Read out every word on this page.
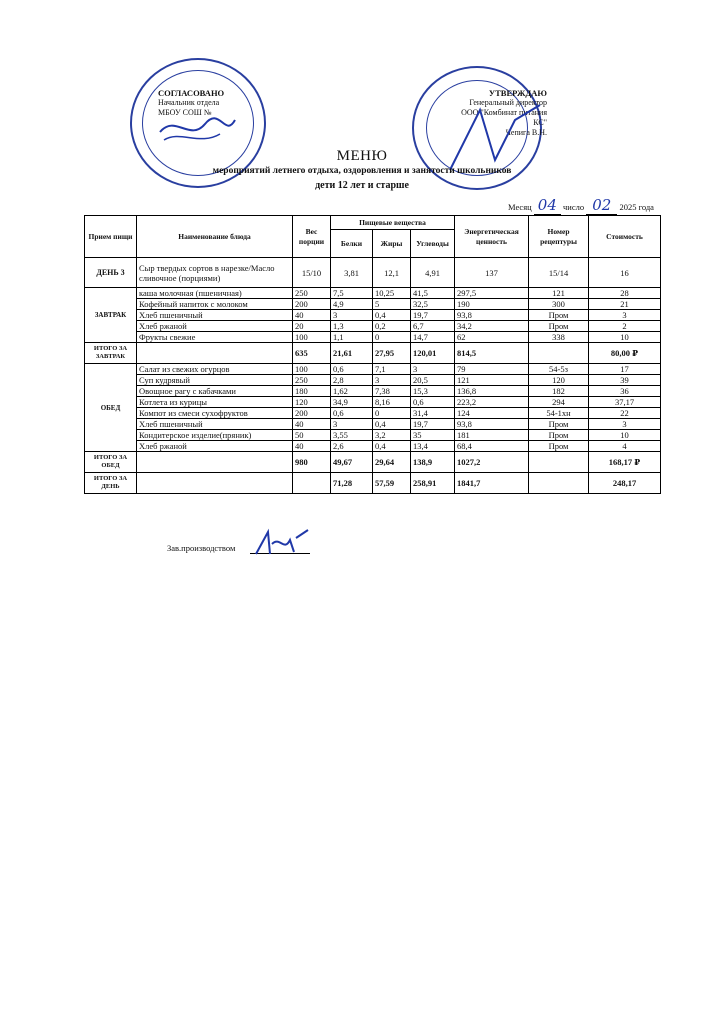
СОГЛАСОВАНО
Начальник отдела
МБОУ СОШ №
УТВЕРЖДАЮ
Генеральный директор
ООО "Комбинат питания КС"
Чепига В.Н.
МЕНЮ
мероприятий летнего отдыха, оздоровления и занятости школьников
дети 12 лет и старше
Месяц 04 число 02 2025 года
Прием пищи	Наименование блюда	Вес порции	Пищевые вещества			Энергетическая ценность	Номер рецептуры	Стоимость
			Белки	Жиры	Углеводы			
ДЕНЬ 3	Сыр твердых сортов в нарезке/Масло сливочное (порциями)	15/10	3,81	12,1	4,91	137	15/14	16
ЗАВТРАК	каша молочная (пшеничная)	250	7,5	10,25	41,5	297,5	121	28
	Кофейный напиток с молоком	200	4,9	5	32,5	190	300	21
	Хлеб пшеничный	40	3	0,4	19,7	93,8	Пром	3
	Хлеб ржаной	20	1,3	0,2	6,7	34,2	Пром	2
	Фрукты свежие	100	1,1	0	14,7	62	338	10
ИТОГО ЗА ЗАВТРАК		635	21,61	27,95	120,01	814,5		80,00 ₽
ОБЕД	Салат из свежих огурцов	100	0,6	7,1	3	79	54-5з	17
	Суп кудрявый	250	2,8	3	20,5	121	120	39
	Овощное рагу с кабачками	180	1,62	7,38	15,3	136,8	182	36
	Котлета из курицы	120	34,9	8,16	0,6	223,2	294	37,17
	Компот из смеси сухофруктов	200	0,6	0	31,4	124	54-1хн	22
	Хлеб пшеничный	40	3	0,4	19,7	93,8	Пром	3
	Кондитерское изделие(пряник)	50	3,55	3,2	35	181	Пром	10
	Хлеб ржаной	40	2,6	0,4	13,4	68,4	Пром	4
ИТОГО ЗА ОБЕД		980	49,67	29,64	138,9	1027,2		168,17 ₽
ИТОГО ЗА ДЕНЬ			71,28	57,59	258,91	1841,7		248,17
Зав.производством
